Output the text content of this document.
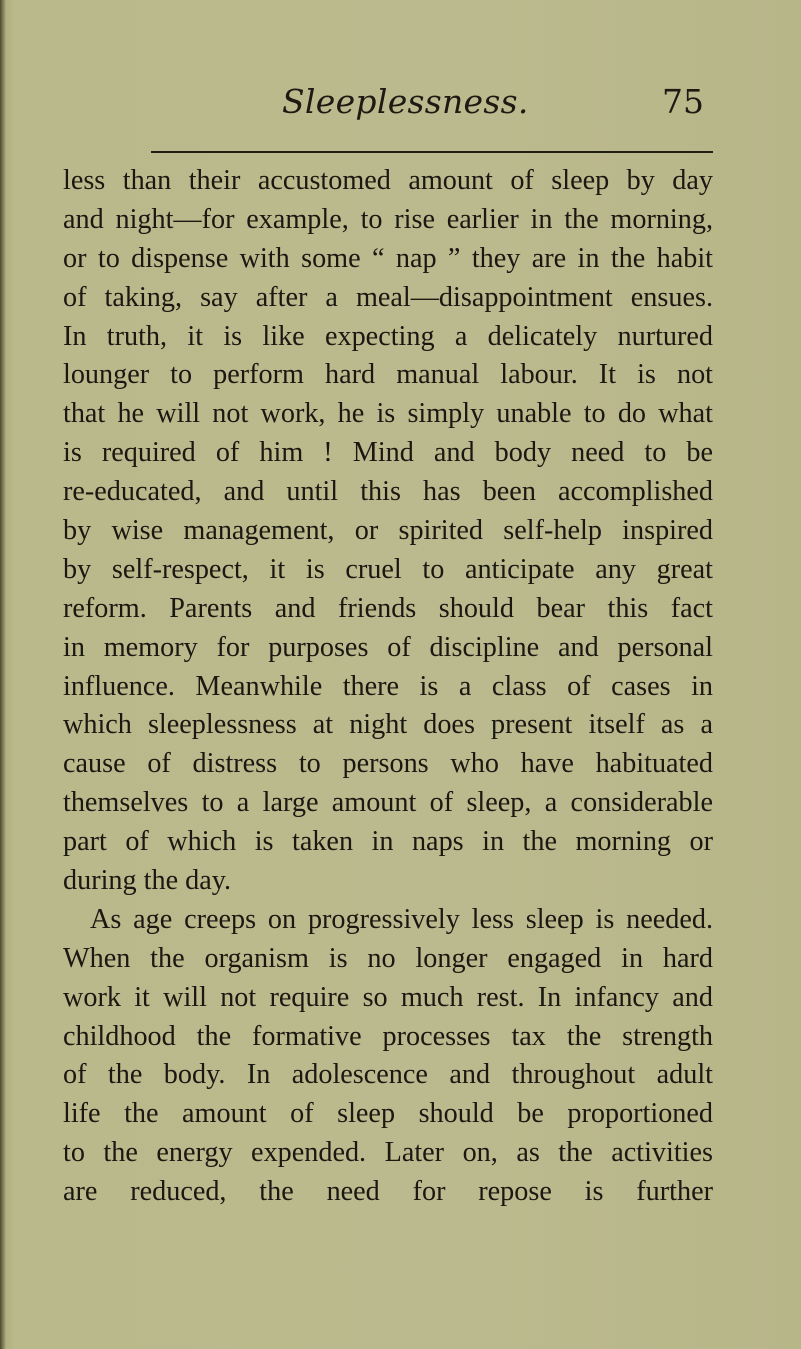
Sleeplessness.	75
less than their accustomed amount of sleep by day
and night—for example, to rise earlier in the morning,
or to dispense with some “ nap ” they are in the habit
of taking, say after a meal—disappointment ensues.
In truth, it is like expecting a delicately nurtured
lounger to perform hard manual labour. It is not
that he will not work, he is simply unable to do what
is required of him ! Mind and body need to be
re-educated, and until this has been accomplished
by wise management, or spirited self-help inspired
by self-respect, it is cruel to anticipate any great
reform. Parents and friends should bear this fact
in memory for purposes of discipline and personal
influence. Meanwhile there is a class of cases in
which sleeplessness at night does present itself as a
cause of distress to persons who have habituated
themselves to a large amount of sleep, a considerable
part of which is taken in naps in the morning or
during the day.
As age creeps on progressively less sleep is needed.
When the organism is no longer engaged in hard
work it will not require so much rest. In infancy and
childhood the formative processes tax the strength
of the body. In adolescence and throughout adult
life the amount of sleep should be proportioned
to the energy expended. Later on, as the activities
are reduced, the need for repose is further
